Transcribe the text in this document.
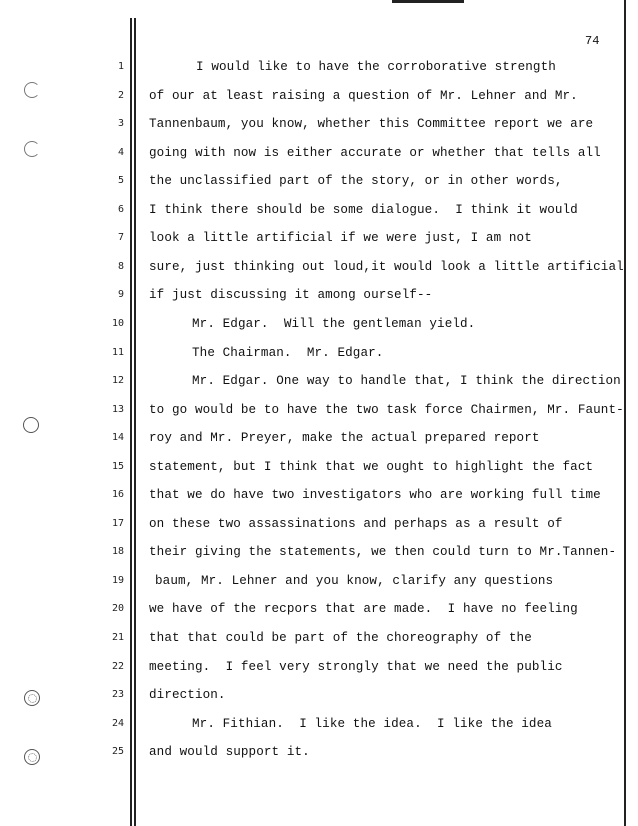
74
1	I would like to have the corroborative strength
2 of our at least raising a question of Mr. Lehner and Mr.
3 Tannenbaum, you know, whether this Committee report we are
4 going with now is either accurate or whether that tells all
5 the unclassified part of the story, or in other words,
6 I think there should be some dialogue.  I think it would
7 look a little artificial if we were just, I am not
8 sure, just thinking out loud,it would look a little artificial
9 if just discussing it among ourself--
10	Mr. Edgar.  Will the gentleman yield.
11	The Chairman.  Mr. Edgar.
12	Mr. Edgar. One way to handle that, I think the direction
13 to go would be to have the two task force Chairmen, Mr. Faunt-
14 roy and Mr. Preyer, make the actual prepared report
15 statement, but I think that we ought to highlight the fact
16 that we do have two investigators who are working full time
17 on these two assassinations and perhaps as a result of
18 their giving the statements, we then could turn to Mr.Tannen-
19 baum, Mr. Lehner and you know, clarify any questions
20 we have of the recpors that are made.  I have no feeling
21 that that could be part of the choreography of the
22 meeting.  I feel very strongly that we need the public
23 direction.
24	Mr. Fithian.  I like the idea.  I like the idea
25 and would support it.
